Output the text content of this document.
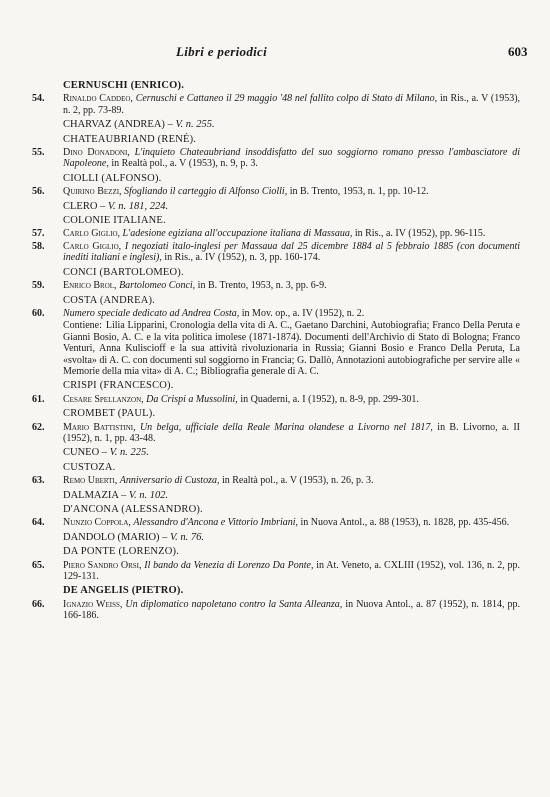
Libri e periodici	603
CERNUSCHI (ENRICO).
54.	Rinaldo Caddeo, Cernuschi e Cattaneo il 29 maggio '48 nel fallito colpo di Stato di Milano, in Ris., a. V (1953), n. 2, pp. 73-89.
CHARVAZ (ANDREA) – V. n. 255.
CHATEAUBRIAND (RENÉ).
55.	Dino Donadoni, L'inquieto Chateaubriand insoddisfatto del suo soggiorno romano presso l'ambasciatore di Napoleone, in Realtà pol., a. V (1953), n. 9, p. 3.
CIOLLI (ALFONSO).
56.	Quirino Bezzi, Sfogliando il carteggio di Alfonso Ciolli, in B. Trento, 1953, n. 1, pp. 10-12.
CLERO – V. n. 181, 224.
COLONIE ITALIANE.
57.	Carlo Giglio, L'adesione egiziana all'occupazione italiana di Massaua, in Ris., a. IV (1952), pp. 96-115.
58.	Carlo Giglio, I negoziati italo-inglesi per Massaua dal 25 dicembre 1884 al 5 febbraio 1885 (con documenti inediti italiani e inglesi), in Ris., a. IV (1952), n. 3, pp. 160-174.
CONCI (BARTOLOMEO).
59.	Enrico Brol, Bartolomeo Conci, in B. Trento, 1953, n. 3, pp. 6-9.
COSTA (ANDREA).
60.	Numero speciale dedicato ad Andrea Costa, in Mov. op., a. IV (1952), n. 2.
Contiene: Lilia Lipparini, Cronologia della vita di A. C., Gaetano Darchini, Autobiografia; Franco Della Peruta e Gianni Bosio, A. C. e la vita politica imolese (1871-1874). Documenti dell'Archivio di Stato di Bologna; Franco Venturi, Anna Kuliscioff e la sua attività rivoluzionaria in Russia; Gianni Bosio e Franco Della Peruta, La «svolta» di A. C. con documenti sul soggiorno in Francia; G. Dallò, Annotazioni autobiografiche per servire alle « Memorie della mia vita» di A. C.; Bibliografia generale di A. C.
CRISPI (FRANCESCO).
61.	Cesare Spellanzon, Da Crispi a Mussolini, in Quaderni, a. I (1952), n. 8-9, pp. 299-301.
CROMBET (PAUL).
62.	Mario Battistini, Un belga, ufficiale della Reale Marina olandese a Livorno nel 1817, in B. Livorno, a. II (1952), n. 1, pp. 43-48.
CUNEO – V. n. 225.
CUSTOZA.
63.	Remo Uberti, Anniversario di Custoza, in Realtà pol., a. V (1953), n. 26, p. 3.
DALMAZIA – V. n. 102.
D'ANCONA (ALESSANDRO).
64.	Nunzio Coppola, Alessandro d'Ancona e Vittorio Imbriani, in Nuova Antol., a. 88 (1953), n. 1828, pp. 435-456.
DANDOLO (MARIO) – V. n. 76.
DA PONTE (LORENZO).
65.	Piero Sandro Orsi, Il bando da Venezia di Lorenzo Da Ponte, in At. Veneto, a. CXLIII (1952), vol. 136, n. 2, pp. 129-131.
DE ANGELIS (PIETRO).
66.	Ignazio Weiss, Un diplomatico napoletano contro la Santa Alleanza, in Nuova Antol., a. 87 (1952), n. 1814, pp. 166-186.
